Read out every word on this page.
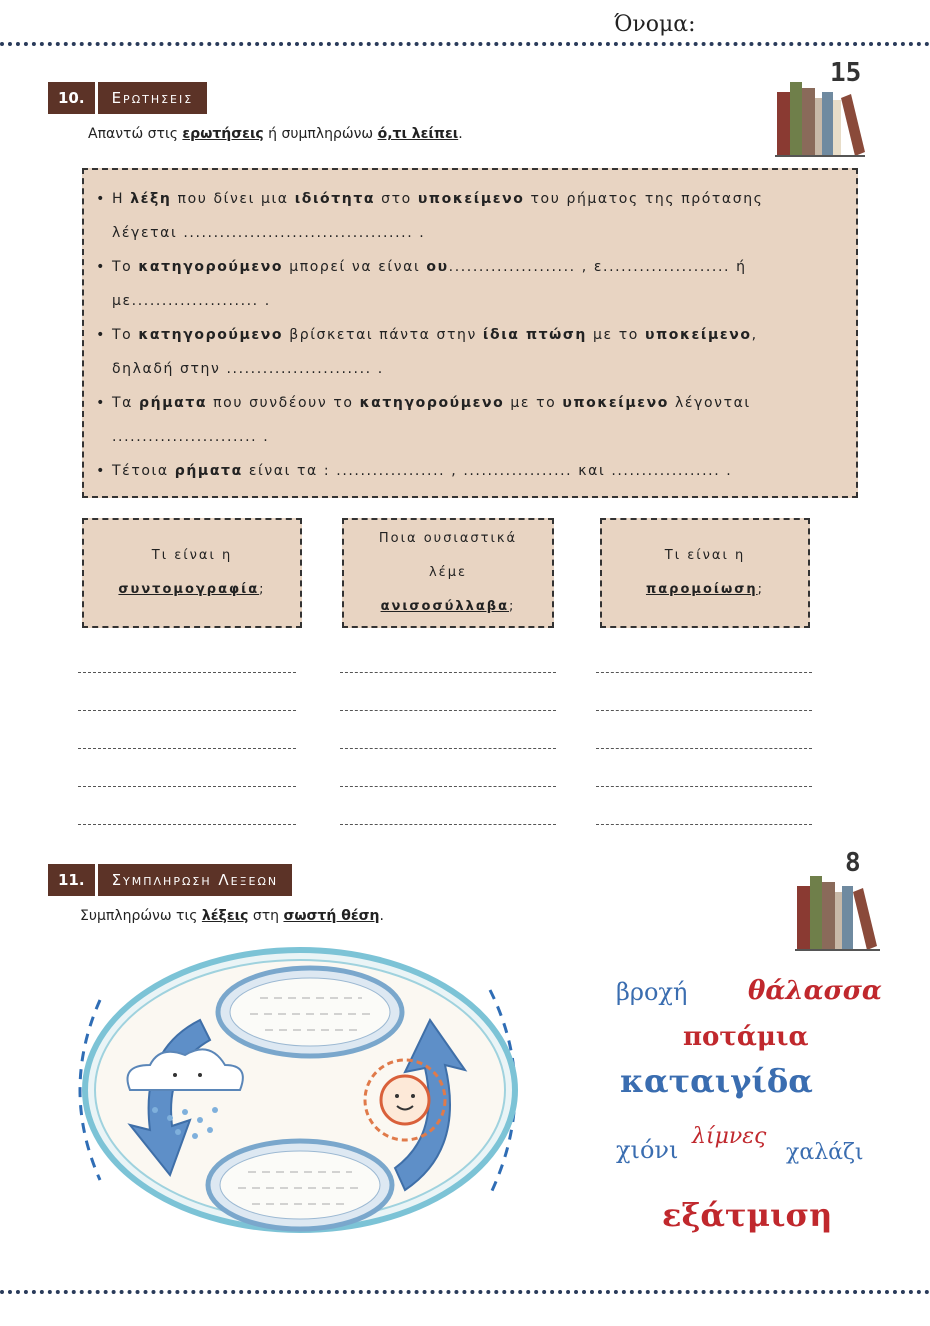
Όνομα:
10.	Ερωτησεισ
Απαντώ στις ερωτήσεις ή συμπληρώνω ό,τι λείπει.
15
• Η λέξη που δίνει μια ιδιότητα στο υποκείμενο του ρήματος της πρότασης
λέγεται ...................................... .
• Το κατηγορούμενο μπορεί να είναι ου..................... , ε..................... ή
με..................... .
• Το κατηγορούμενο βρίσκεται πάντα στην ίδια πτώση με το υποκείμενο,
δηλαδή στην ........................ .
• Τα ρήματα που συνδέουν το κατηγορούμενο με το υποκείμενο λέγονται
........................ .
• Τέτοια ρήματα είναι τα : .................. , .................. και .................. .
Τι είναι η
συντομογραφία;
Ποια ουσιαστικά
λέμε
ανισοσύλλαβα;
Τι είναι η
παρομοίωση;
11.	Συμπληρωση Λεξεων
Συμπληρώνω τις λέξεις στη σωστή θέση.
8
βροχή θάλασσα
ποτάμια
καταιγίδα
χιόνι λίμνες
χαλάζι
εξάτμιση
